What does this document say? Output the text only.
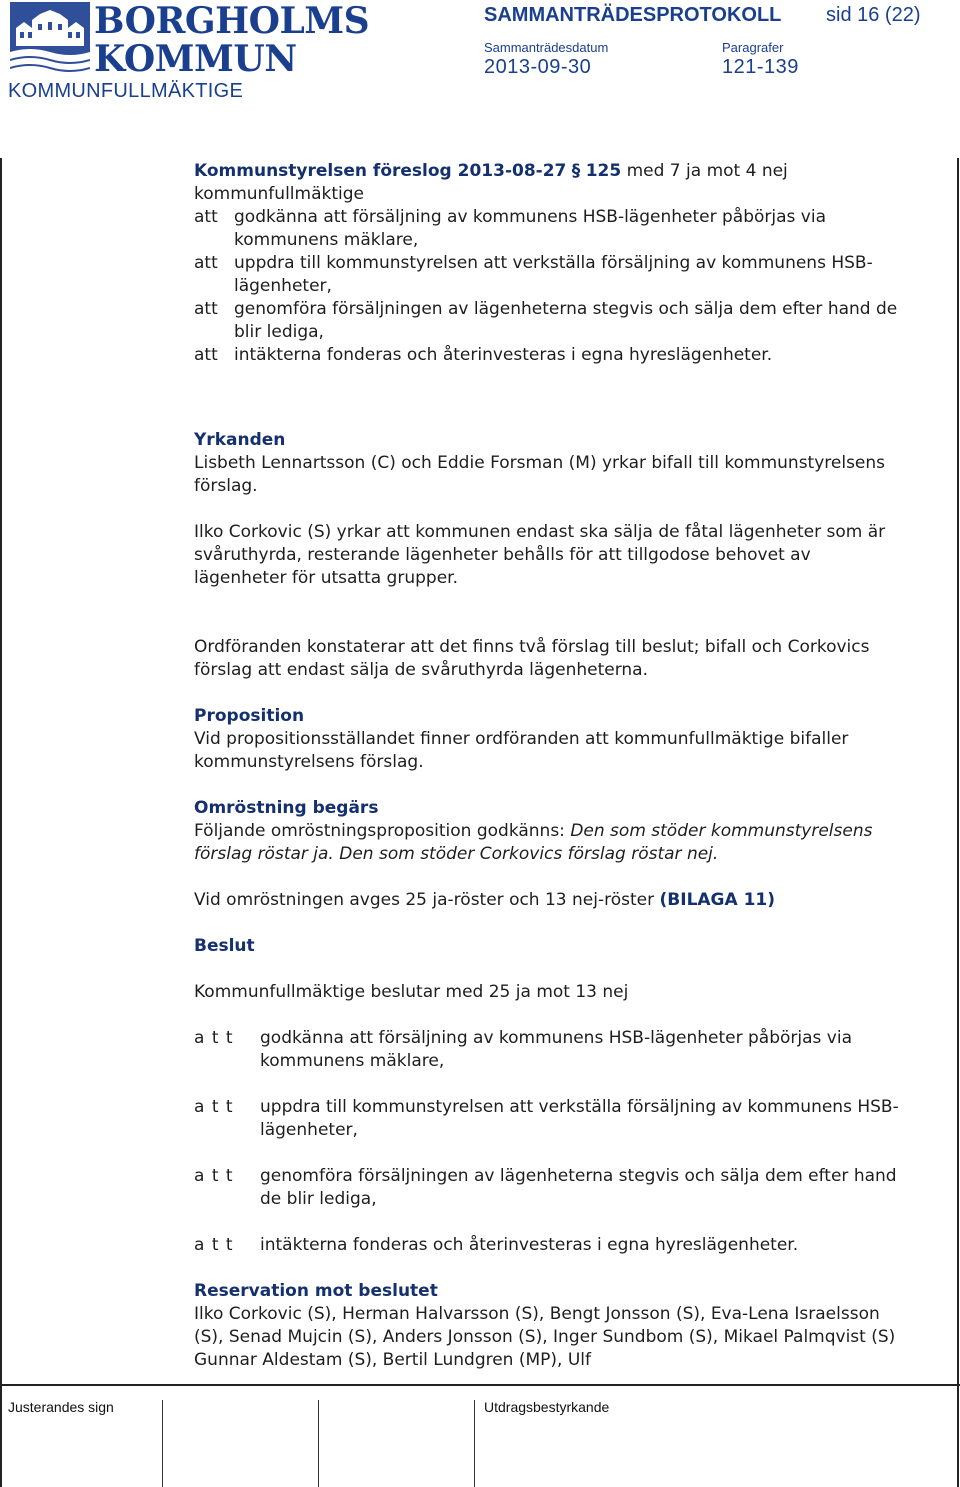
BORGHOLMS
KOMMUN
KOMMUNFULLMÄKTIGE
SAMMANTRÄDESPROTOKOLL sid 16 (22)
Sammanträdesdatum
2013-09-30
Paragrafer
121-139

Kommunstyrelsen föreslog 2013-08-27 § 125 med 7 ja mot 4 nej

kommunfullmäktige

att godkänna att försäljning av kommunens HSB-lägenheter påbörjas via kommunens mäklare,
att uppdra till kommunstyrelsen att verkställa försäljning av kommunens HSB-lägenheter,
att genomföra försäljningen av lägenheterna stegvis och sälja dem efter hand de blir lediga,
att intäkterna fonderas och återinvesteras i egna hyreslägenheter.

Yrkanden

Lisbeth Lennartsson (C) och Eddie Forsman (M) yrkar bifall till kommunstyrelsens förslag.

Ilko Corkovic (S) yrkar att kommunen endast ska sälja de fåtal lägenheter som är svåruthyrda, resterande lägenheter behålls för att tillgodose behovet av lägenheter för utsatta grupper.

Ordföranden konstaterar att det finns två förslag till beslut; bifall och Corkovics förslag att endast sälja de svåruthyrda lägenheterna.

Proposition

Vid propositionsställandet finner ordföranden att kommunfullmäktige bifaller kommunstyrelsens förslag.

Omröstning begärs

Följande omröstningsproposition godkänns: Den som stöder kommunstyrelsens förslag röstar ja. Den som stöder Corkovics förslag röstar nej.

Vid omröstningen avges 25 ja-röster och 13 nej-röster (BILAGA 11)

Beslut

Kommunfullmäktige beslutar med 25 ja mot 13 nej

a t t	godkänna att försäljning av kommunens HSB-lägenheter påbörjas via kommunens mäklare,
a t t	uppdra till kommunstyrelsen att verkställa försäljning av kommunens HSB-lägenheter,
a t t	genomföra försäljningen av lägenheterna stegvis och sälja dem efter hand de blir lediga,
a t t	intäkterna fonderas och återinvesteras i egna hyreslägenheter.

Reservation mot beslutet

Ilko Corkovic (S), Herman Halvarsson (S), Bengt Jonsson (S), Eva-Lena Israelsson (S), Senad Mujcin (S), Anders Jonsson (S), Inger Sundbom (S), Mikael Palmqvist (S) Gunnar Aldestam (S), Bertil Lundgren (MP), Ulf

Justerandes sign	Utdragsbestyrkande
